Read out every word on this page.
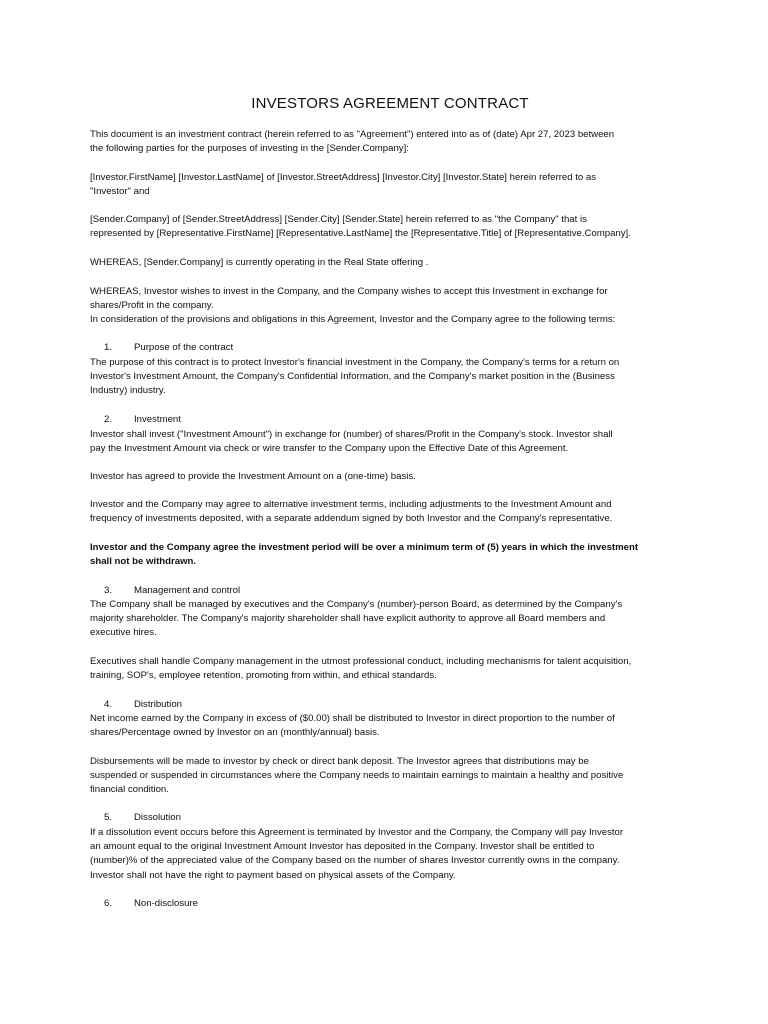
INVESTORS AGREEMENT CONTRACT

This document is an investment contract (herein referred to as "Agreement") entered into as of (date) Apr 27, 2023 between
the following parties for the purposes of investing in the [Sender.Company]:

[Investor.FirstName] [Investor.LastName] of [Investor.StreetAddress] [Investor.City] [Investor.State] herein referred to as
"Investor" and

[Sender.Company] of [Sender.StreetAddress] [Sender.City] [Sender.State] herein referred to as "the Company" that is
represented by [Representative.FirstName] [Representative.LastName] the [Representative.Title] of [Representative.Company].

WHEREAS, [Sender.Company] is currently operating in the Real State offering .

WHEREAS, Investor wishes to invest in the Company, and the Company wishes to accept this Investment in exchange for
shares/Profit in the company.
In consideration of the provisions and obligations in this Agreement, Investor and the Company agree to the following terms:

1. Purpose of the contract

The purpose of this contract is to protect Investor's financial investment in the Company, the Company's terms for a return on
Investor's Investment Amount, the Company's Confidential Information, and the Company's market position in the (Business
Industry) industry.

2. Investment

Investor shall invest ("Investment Amount") in exchange for (number) of shares/Profit in the Company's stock. Investor shall
pay the Investment Amount via check or wire transfer to the Company upon the Effective Date of this Agreement.

Investor has agreed to provide the Investment Amount on a (one-time) basis.

Investor and the Company may agree to alternative investment terms, including adjustments to the Investment Amount and
frequency of investments deposited, with a separate addendum signed by both Investor and the Company's representative.

Investor and the Company agree the investment period will be over a minimum term of (5) years in which the investment
shall not be withdrawn.

3. Management and control

The Company shall be managed by executives and the Company's (number)-person Board, as determined by the Company's
majority shareholder. The Company's majority shareholder shall have explicit authority to approve all Board members and
executive hires.

Executives shall handle Company management in the utmost professional conduct, including mechanisms for talent acquisition,
training, SOP's, employee retention, promoting from within, and ethical standards.

4. Distribution

Net income earned by the Company in excess of ($0.00) shall be distributed to Investor in direct proportion to the number of
shares/Percentage owned by Investor on an (monthly/annual) basis.

Disbursements will be made to investor by check or direct bank deposit. The Investor agrees that distributions may be
suspended or suspended in circumstances where the Company needs to maintain earnings to maintain a healthy and positive
financial condition.

5. Dissolution

If a dissolution event occurs before this Agreement is terminated by Investor and the Company, the Company will pay Investor
an amount equal to the original Investment Amount Investor has deposited in the Company. Investor shall be entitled to
(number)% of the appreciated value of the Company based on the number of shares Investor currently owns in the company.
Investor shall not have the right to payment based on physical assets of the Company.

6. Non-disclosure
